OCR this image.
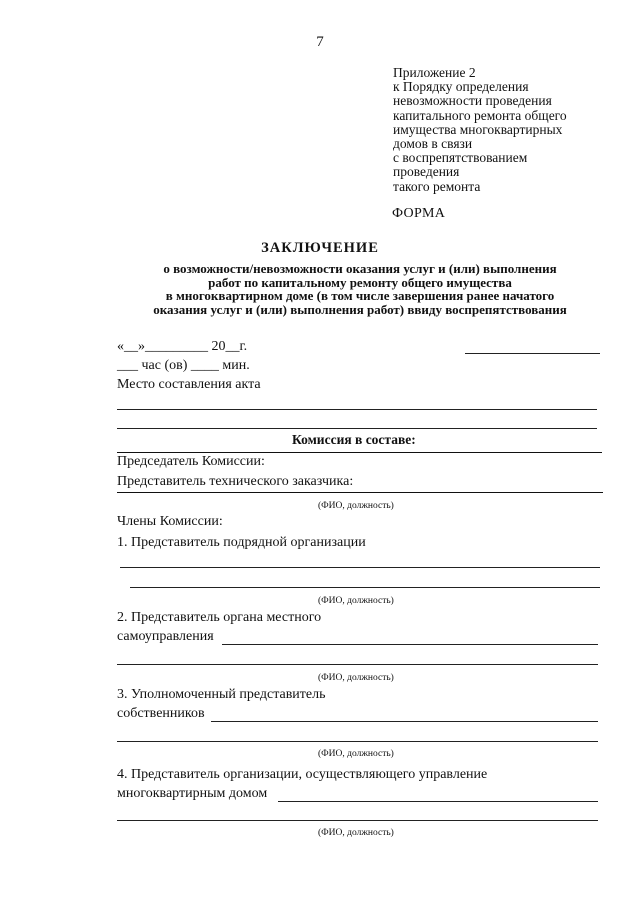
7
Приложение 2
к Порядку определения
невозможности проведения
капитального ремонта общего
имущества многоквартирных
домов в связи
с воспрепятствованием
проведения
такого ремонта
ФОРМА
ЗАКЛЮЧЕНИЕ
о возможности/невозможности оказания услуг и (или) выполнения
работ по капитальному ремонту общего имущества
в многоквартирном доме (в том числе завершения ранее начатого
оказания услуг и (или) выполнения работ) ввиду воспрепятствования
«__»_________ 20__г.
___ час (ов) ____ мин.
Место составления акта
Комиссия в составе:
Председатель Комиссии:
Представитель технического заказчика:
(ФИО, должность)
Члены Комиссии:
1. Представитель подрядной организации
(ФИО, должность)
2. Представитель органа местного
самоуправления
(ФИО, должность)
3. Уполномоченный представитель
собственников
(ФИО, должность)
4. Представитель организации, осуществляющего управление
многоквартирным домом
(ФИО, должность)
